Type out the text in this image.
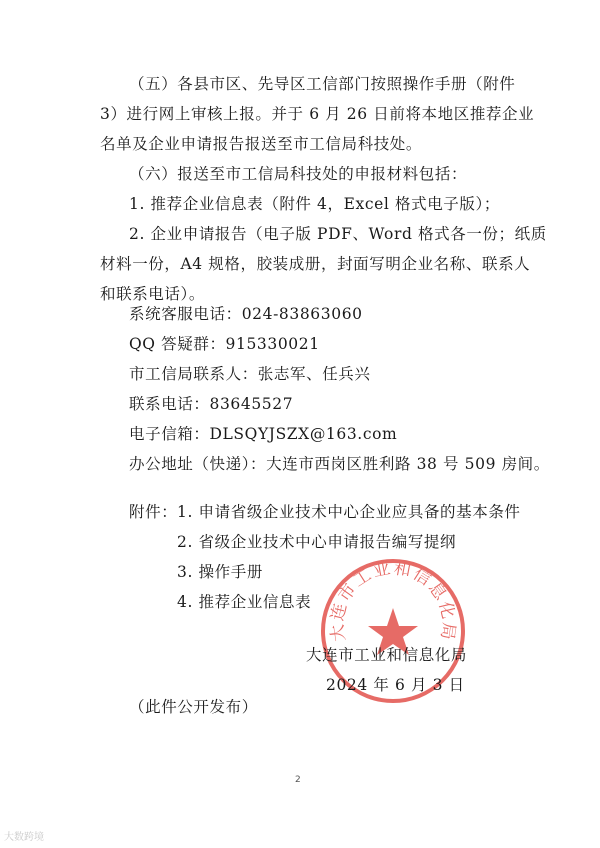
（五）各县市区、先导区工信部门按照操作手册（附件
3）进行网上审核上报。并于 6 月 26 日前将本地区推荐企业
名单及企业申请报告报送至市工信局科技处。
（六）报送至市工信局科技处的申报材料包括：
1. 推荐企业信息表（附件 4，Excel 格式电子版）；
2. 企业申请报告（电子版 PDF、Word 格式各一份；纸质
材料一份，A4 规格，胶装成册，封面写明企业名称、联系人
和联系电话）。
系统客服电话：024-83863060
QQ 答疑群：915330021
市工信局联系人：张志军、任兵兴
联系电话：83645527
电子信箱：DLSQYJSZX@163.com
办公地址（快递）：大连市西岗区胜利路 38 号 509 房间。
附件： 1. 申请省级企业技术中心企业应具备的基本条件
2. 省级企业技术中心申请报告编写提纲
3. 操作手册
4. 推荐企业信息表
大连市工业和信息化局
大连市工业和信息化局
2024 年 6 月 3 日
（此件公开发布）
2
大数跨境
